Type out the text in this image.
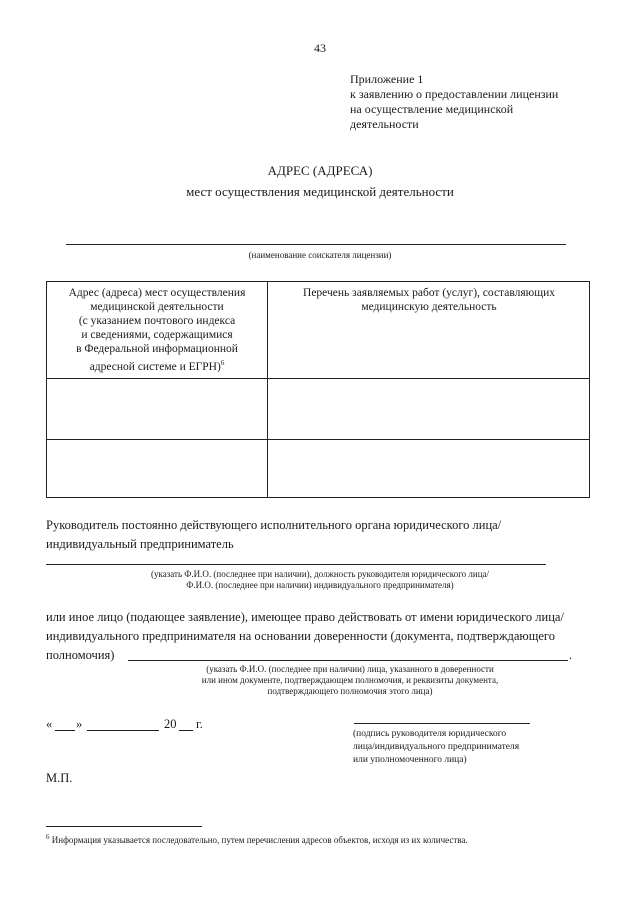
43
Приложение 1
к заявлению о предоставлении лицензии
на осуществление медицинской
деятельности
АДРЕС (АДРЕСА)
мест осуществления медицинской деятельности
(наименование соискателя лицензии)
Адрес (адреса) мест осуществления
медицинской деятельности
(с указанием почтового индекса
и сведениями, содержащимися
в Федеральной информационной
адресной системе и ЕГРН)$^6$
Перечень заявляемых работ (услуг), составляющих
медицинскую деятельность
Руководитель постоянно действующего исполнительного органа юридического лица/
индивидуальный предприниматель
(указать Ф.И.О. (последнее при наличии), должность руководителя юридического лица/
Ф.И.О. (последнее при наличии) индивидуального предпринимателя)
или иное лицо (подающее заявление), имеющее право действовать от имени юридического лица/
индивидуального предпринимателя на основании доверенности (документа, подтверждающего
полномочия)	.
(указать Ф.И.О. (последнее при наличии) лица, указанного в доверенности
или ином документе, подтверждающем полномочия, и реквизиты документа,
подтверждающего полномочия этого лица)
« »	20 г.
(подпись руководителя юридического
лица/индивидуального предпринимателя
или уполномоченного лица)
М.П.
$^6$ Информация указывается последовательно, путем перечисления адресов объектов, исходя из их количества.
